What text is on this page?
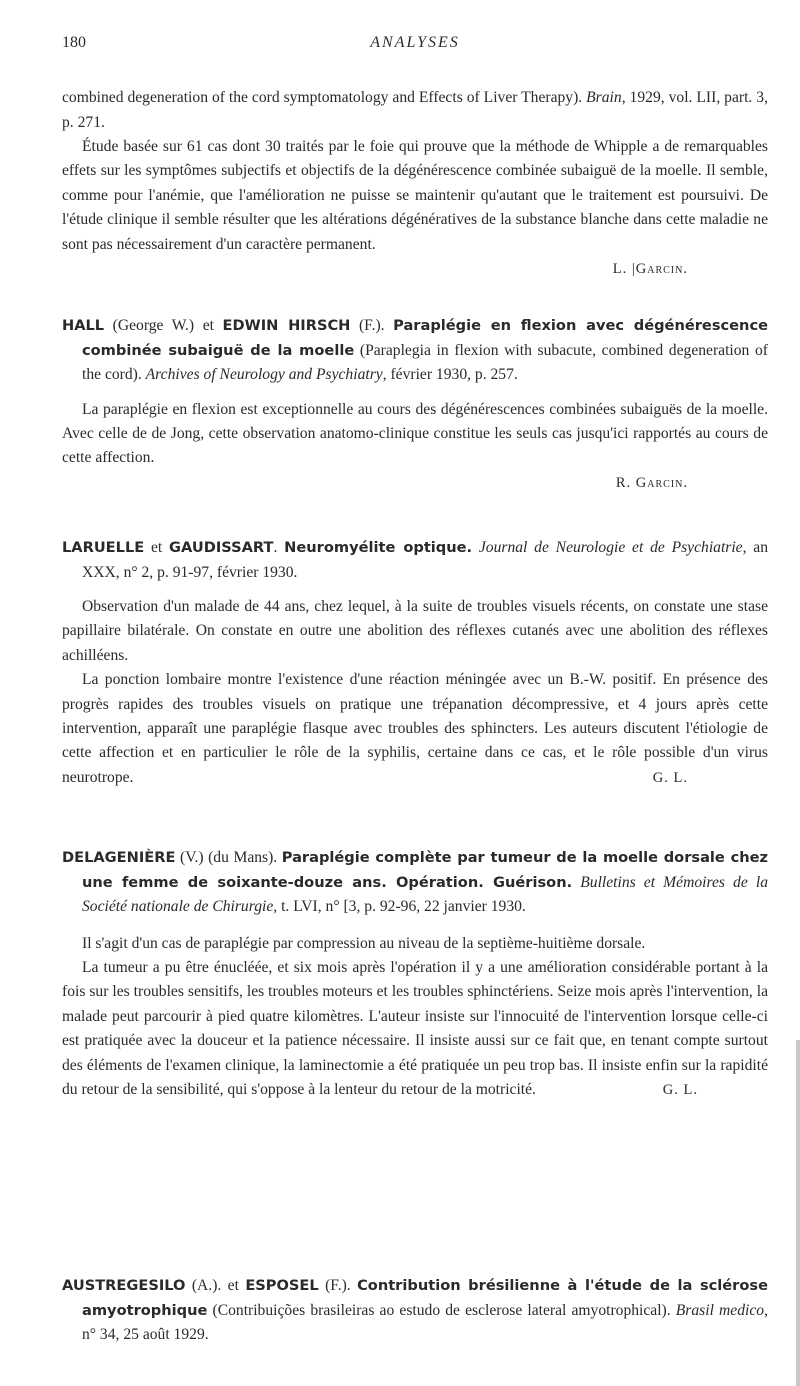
180	ANALYSES

combined degeneration of the cord symptomatology and Effects of Liver Therapy). Brain, 1929, vol. LII, part. 3, p. 271.

Étude basée sur 61 cas dont 30 traités par le foie qui prouve que la méthode de Whipple a de remarquables effets sur les symptômes subjectifs et objectifs de la dégénérescence combinée subaiguë de la moelle. Il semble, comme pour l'anémie, que l'amélioration ne puisse se maintenir qu'autant que le traitement est poursuivi. De l'étude clinique il semble résulter que les altérations dégénératives de la substance blanche dans cette maladie ne sont pas nécessairement d'un caractère permanent.

L. |Garcin.

HALL (George W.) et EDWIN HIRSCH (F.). Paraplégie en flexion avec dégénérescence combinée subaiguë de la moelle (Paraplegia in flexion with subacute, combined degeneration of the cord). Archives of Neurology and Psychiatry, février 1930, p. 257.

La paraplégie en flexion est exceptionnelle au cours des dégénérescences combinées subaiguës de la moelle. Avec celle de de Jong, cette observation anatomo-clinique constitue les seuls cas jusqu'ici rapportés au cours de cette affection.

R. Garcin.

LARUELLE et GAUDISSART. Neuromyélite optique. Journal de Neurologie et de Psychiatrie, an XXX, n° 2, p. 91-97, février 1930.

Observation d'un malade de 44 ans, chez lequel, à la suite de troubles visuels récents, on constate une stase papillaire bilatérale. On constate en outre une abolition des réflexes cutanés avec une abolition des réflexes achilléens.

La ponction lombaire montre l'existence d'une réaction méningée avec un B.-W. positif. En présence des progrès rapides des troubles visuels on pratique une trépanation décompressive, et 4 jours après cette intervention, apparaît une paraplégie flasque avec troubles des sphincters. Les auteurs discutent l'étiologie de cette affection et en particulier le rôle de la syphilis, certaine dans ce cas, et le rôle possible d'un virus neurotrope.	G. L.

DELAGENIÈRE (V.) (du Mans). Paraplégie complète par tumeur de la moelle dorsale chez une femme de soixante-douze ans. Opération. Guérison. Bulletins et Mémoires de la Société nationale de Chirurgie, t. LVI, n° [3, p. 92-96, 22 janvier 1930.

Il s'agit d'un cas de paraplégie par compression au niveau de la septième-huitième dorsale.

La tumeur a pu être énucléée, et six mois après l'opération il y a une amélioration considérable portant à la fois sur les troubles sensitifs, les troubles moteurs et les troubles sphinctériens. Seize mois après l'intervention, la malade peut parcourir à pied quatre kilomètres. L'auteur insiste sur l'innocuité de l'intervention lorsque celle-ci est pratiquée avec la douceur et la patience nécessaire. Il insiste aussi sur ce fait que, en tenant compte surtout des éléments de l'examen clinique, la laminectomie a été pratiquée un peu trop bas. Il insiste enfin sur la rapidité du retour de la sensibilité, qui s'oppose à la lenteur du retour de la motricité.	G. L.

AUSTREGESILO (A.). et ESPOSEL (F.). Contribution brésilienne à l'étude de la sclérose amyotrophique (Contribuições brasileiras ao estudo de esclerose lateral amyotrophical). Brasil medico, n° 34, 25 août 1929.
